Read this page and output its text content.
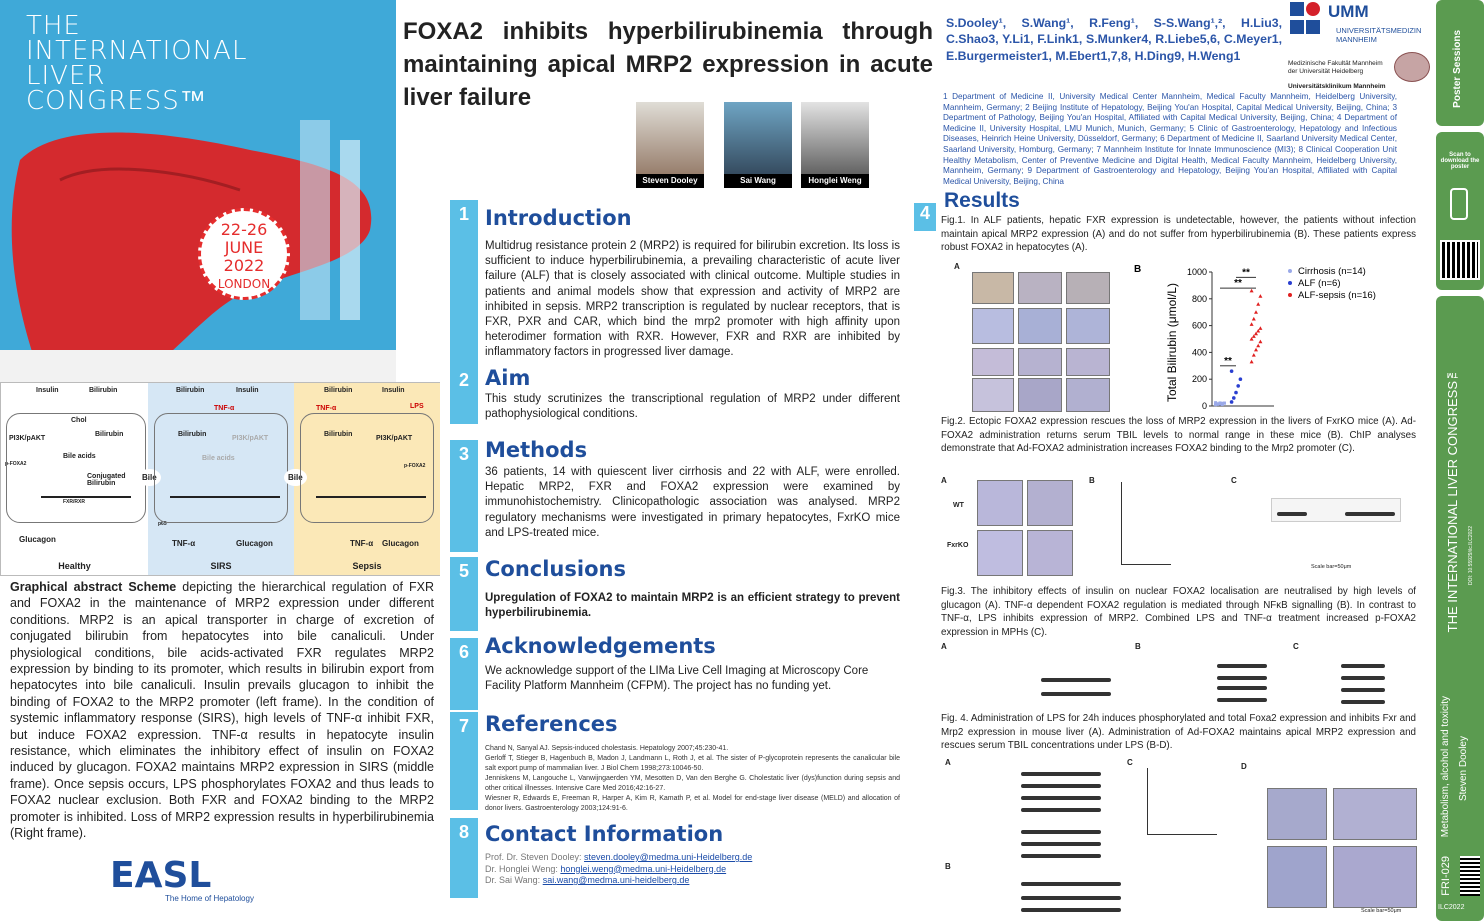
THE
INTERNATIONAL
LIVER
CONGRESS™
22-26
JUNE
2022
LONDON
Insulin	Bilirubin
Chol
PI3K/pAKT
Bilirubin
Bile acids
Conjugated Bilirubin
p-FOXA2
FXR/RXR
Glucagon
Healthy
Bilirubin	Insulin
TNF-α
PI3K/pAKT
Bilirubin
Bile acids
p65
TNF-α	Glucagon
Bile
SIRS
Bilirubin	Insulin
TNF-α	LPS
PI3K/pAKT
Bilirubin
p-FOXA2
TNF-α Glucagon
Bile
Sepsis
Graphical abstract Scheme depicting the hierarchical regulation of FXR and FOXA2 in the maintenance of MRP2 expression under different conditions. MRP2 is an apical transporter in charge of excretion of conjugated bilirubin from hepatocytes into bile canaliculi. Under physiological conditions, bile acids-activated FXR regulates MRP2 expression by binding to its promoter, which results in bilirubin export from hepatocytes into bile canaliculi. Insulin prevails glucagon to inhibit the binding of FOXA2 to the MRP2 promoter (left frame). In the condition of systemic inflammatory response (SIRS), high levels of TNF-α inhibit FXR, but induce FOXA2 expression. TNF-α results in hepatocyte insulin resistance, which eliminates the inhibitory effect of insulin on FOXA2 induced by glucagon. FOXA2 maintains MRP2 expression in SIRS (middle frame). Once sepsis occurs, LPS phosphorylates FOXA2 and thus leads to FOXA2 nuclear exclusion. Both FXR and FOXA2 binding to the MRP2 promoter is inhibited. Loss of MRP2 expression results in hyperbilirubinemia (Right frame).
EASL
The Home of Hepatology
FOXA2 inhibits hyperbilirubinemia through maintaining apical MRP2 expression in acute liver failure
Steven Dooley	Sai Wang	Honglei Weng
1 Introduction
Multidrug resistance protein 2 (MRP2) is required for bilirubin excretion. Its loss is sufficient to induce hyperbilirubinemia, a prevailing characteristic of acute liver failure (ALF) that is closely associated with clinical outcome. Multiple studies in patients and animal models show that expression and activity of MRP2 are inhibited in sepsis. MRP2 transcription is regulated by nuclear receptors, that is FXR, PXR and CAR, which bind the mrp2 promoter with high affinity upon heterodimer formation with RXR. However, FXR and RXR are inhibited by inflammatory factors in progressed liver damage.
2 Aim
This study scrutinizes the transcriptional regulation of MRP2 under different pathophysiological conditions.
3 Methods
36 patients, 14 with quiescent liver cirrhosis and 22 with ALF, were enrolled. Hepatic MRP2, FXR and FOXA2 expression were examined by immunohistochemistry. Clinicopathologic association was analysed. MRP2 regulatory mechanisms were investigated in primary hepatocytes, FxrKO mice and LPS-treated mice.
5 Conclusions
Upregulation of FOXA2 to maintain MRP2 is an efficient strategy to prevent hyperbilirubinemia.
6 Acknowledgements
We acknowledge support of the LIMa Live Cell Imaging at Microscopy Core Facility Platform Mannheim (CFPM). The project has no funding yet.
7 References
Chand N, Sanyal AJ. Sepsis-induced cholestasis. Hepatology 2007;45:230-41.
Gerloff T, Stieger B, Hagenbuch B, Madon J, Landmann L, Roth J, et al. The sister of P-glycoprotein represents the canalicular bile salt export pump of mammalian liver. J Biol Chem 1998;273:10046-50.
Jenniskens M, Langouche L, Vanwijngaerden YM, Mesotten D, Van den Berghe G. Cholestatic liver (dys)function during sepsis and other critical illnesses. Intensive Care Med 2016;42:16-27.
Wiesner R, Edwards E, Freeman R, Harper A, Kim R, Kamath P, et al. Model for end-stage liver disease (MELD) and allocation of donor livers. Gastroenterology 2003;124:91-6.
8 Contact Information
Prof. Dr. Steven Dooley: steven.dooley@medma.uni-Heidelberg.de
Dr. Honglei Weng: honglei.weng@medma.uni-Heidelberg.de
Dr. Sai Wang: sai.wang@medma.uni-heidelberg.de
S.Dooley¹, S.Wang¹, R.Feng¹, S-S.Wang¹,², H.Liu3, C.Shao3, Y.Li1, F.Link1, S.Munker4, R.Liebe5,6, C.Meyer1, E.Burgermeister1, M.Ebert1,7,8, H.Ding9, H.Weng1
1 Department of Medicine II, University Medical Center Mannheim, Medical Faculty Mannheim, Heidelberg University, Mannheim, Germany; 2 Beijing Institute of Hepatology, Beijing You'an Hospital, Capital Medical University, Beijing, China; 3 Department of Pathology, Beijing You'an Hospital, Affiliated with Capital Medical University, Beijing, China; 4 Department of Medicine II, University Hospital, LMU Munich, Munich, Germany; 5 Clinic of Gastroenterology, Hepatology and Infectious Diseases, Heinrich Heine University, Düsseldorf, Germany; 6 Department of Medicine II, Saarland University Medical Center, Saarland University, Homburg, Germany; 7 Mannheim Institute for Innate Immunoscience (MI3); 8 Clinical Cooperation Unit Healthy Metabolism, Center of Preventive Medicine and Digital Health, Medical Faculty Mannheim, Heidelberg University, Mannheim, Germany; 9 Department of Gastroenterology and Hepatology, Beijing You'an Hospital, Affiliated with Capital Medical University, Beijing, China
UMM
UNIVERSITÄTSMEDIZIN
MANNHEIM
Medizinische Fakultät Mannheim
der Universität Heidelberg
Universitätsklinikum Mannheim
4
Results
Fig.1. In ALF patients, hepatic FXR expression is undetectable, however, the patients without infection maintain apical MRP2 expression (A) and do not suffer from hyperbilirubinemia (B). These patients express robust FOXA2 in hepatocytes (A).
A	B
0
200
400
600
800
1000
**
**
**	Cirrhosis (n=14)
ALF (n=6)
ALF-sepsis (n=16)
Total Bilirubin (μmol/L)
Fig.2. Ectopic FOXA2 expression rescues the loss of MRP2 expression in the livers of FxrKO mice (A). Ad-FOXA2 administration returns serum TBIL levels to normal range in these mice (B). ChIP analyses demonstrate that Ad-FOXA2 administration increases FOXA2 binding to the Mrp2 promoter (C).
A
WT
FxrKO
B	C
Scale bar=50μm
Fig.3. The inhibitory effects of insulin on nuclear FOXA2 localisation are neutralised by high levels of glucagon (A). TNF-α dependent FOXA2 regulation is mediated through NFκB signalling (B). In contrast to TNF-α, LPS inhibits expression of MRP2. Combined LPS and TNF-α treatment increased p-FOXA2 expression in MPHs (C).
A	B	C
Fig. 4. Administration of LPS for 24h induces phosphorylated and total Foxa2 expression and inhibits Fxr and Mrp2 expression in mouse liver (A). Administration of Ad-FOXA2 maintains apical MRP2 expression and rescues serum TBIL concentrations under LPS (B-D).
A
B
C	D
Scale bar=50μm
Poster Sessions
Scan to download the poster
THE INTERNATIONAL LIVER CONGRESS™ DOI: 10.55929/ilc.ILC2022
Metabolism, alcohol and toxicity Steven Dooley
FRI-029
ILC2022
